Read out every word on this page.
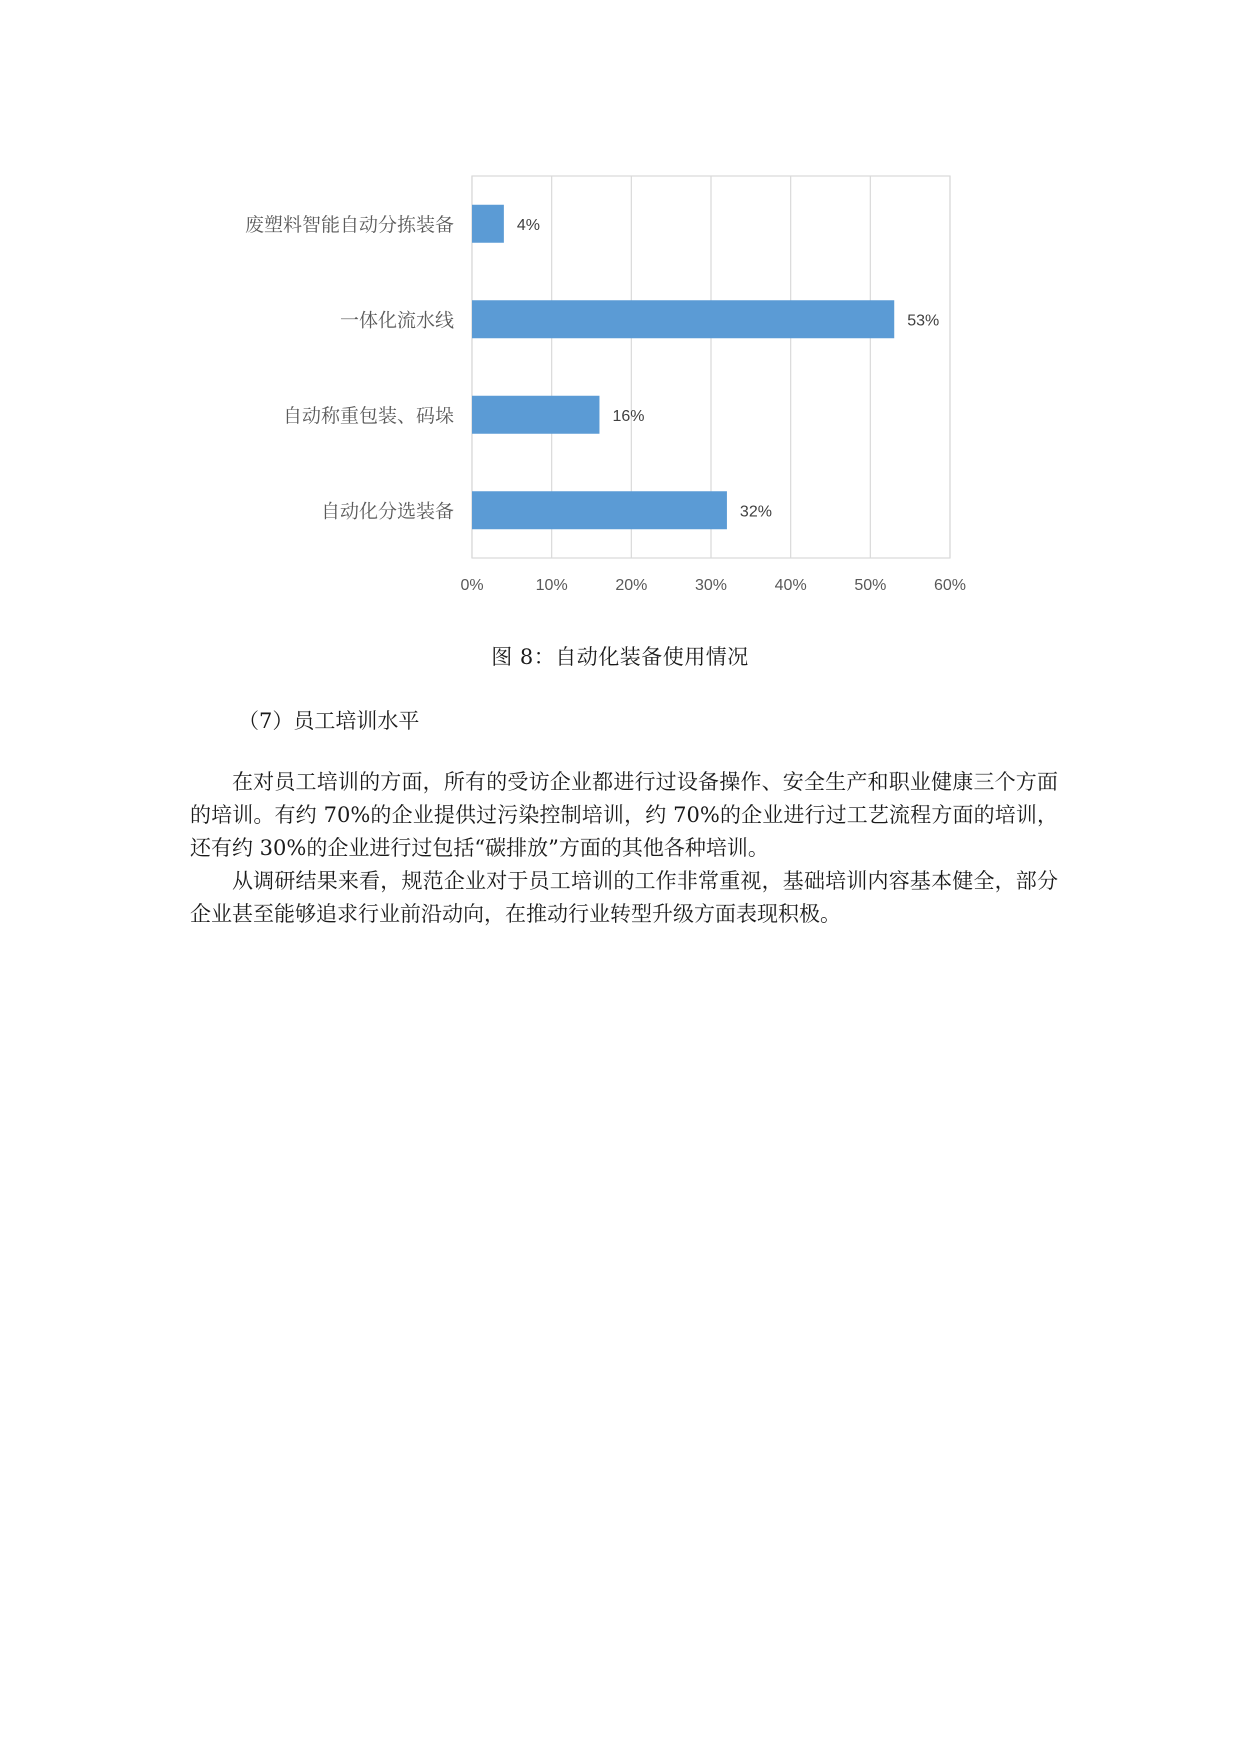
0%	10%	20%	30%	40%	50%	60%
废塑料智能自动分拣装备	4%
一体化流水线	53%
自动称重包装、码垛	16%
自动化分选装备	32%
图 8：自动化装备使用情况
（7）员工培训水平

在对员工培训的方面，所有的受访企业都进行过设备操作、安全生产和职业健康三个方面的培训。有约 70%的企业提供过污染控制培训，约 70%的企业进行过工艺流程方面的培训，还有约 30%的企业进行过包括“碳排放”方面的其他各种培训。

从调研结果来看，规范企业对于员工培训的工作非常重视，基础培训内容基本健全，部分企业甚至能够追求行业前沿动向，在推动行业转型升级方面表现积极。
